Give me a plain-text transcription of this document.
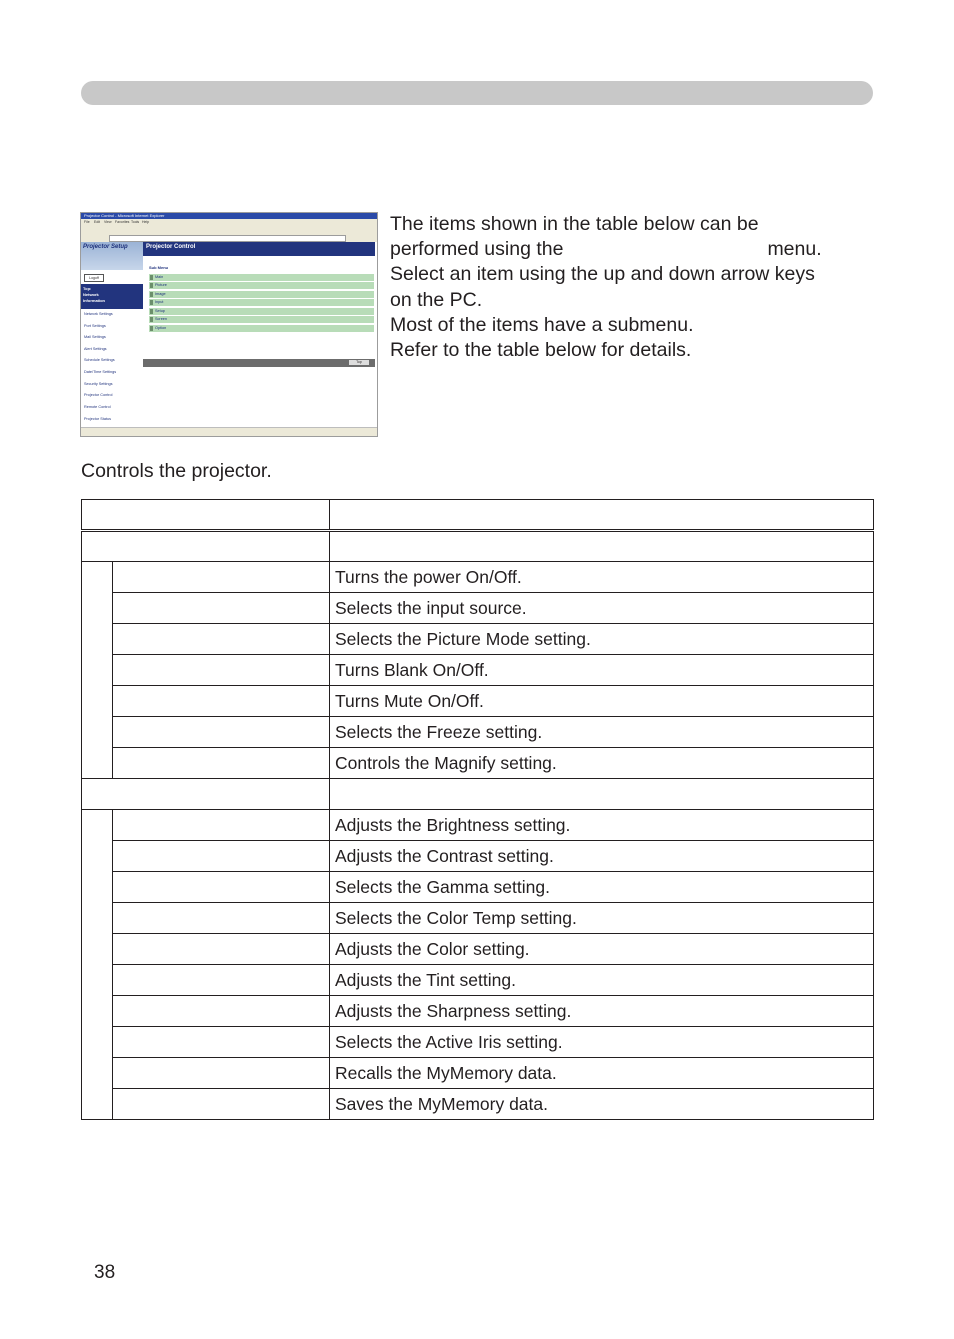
Projector Control - Microsoft Internet Explorer
File Edit View Favorites Tools Help
Projector Setup
Logoff
Top:
Network
Information
Network Settings
Port Settings
Mail Settings
Alert Settings
Schedule Settings
Date/Time Settings
Security Settings
Projector Control
Remote Control
Projector Status
Projector Control
Sub Menu
Main
Picture
Image
Input
Setup
Screen
Option
Top

The items shown in the table below can be

performed using the	menu.

Select an item using the up and down arrow keys

on the PC.

Most of the items have a submenu.

Refer to the table below for details.

Controls the projector.

		Turns the power On/Off.
		Selects the input source.
		Selects the Picture Mode setting.
		Turns Blank On/Off.
		Turns Mute On/Off.
		Selects the Freeze setting.
		Controls the Magnify setting.

		Adjusts the Brightness setting.
		Adjusts the Contrast setting.
		Selects the Gamma setting.
		Selects the Color Temp setting.
		Adjusts the Color setting.
		Adjusts the Tint setting.
		Adjusts the Sharpness setting.
		Selects the Active Iris setting.
		Recalls the MyMemory data.
		Saves the MyMemory data.
38
